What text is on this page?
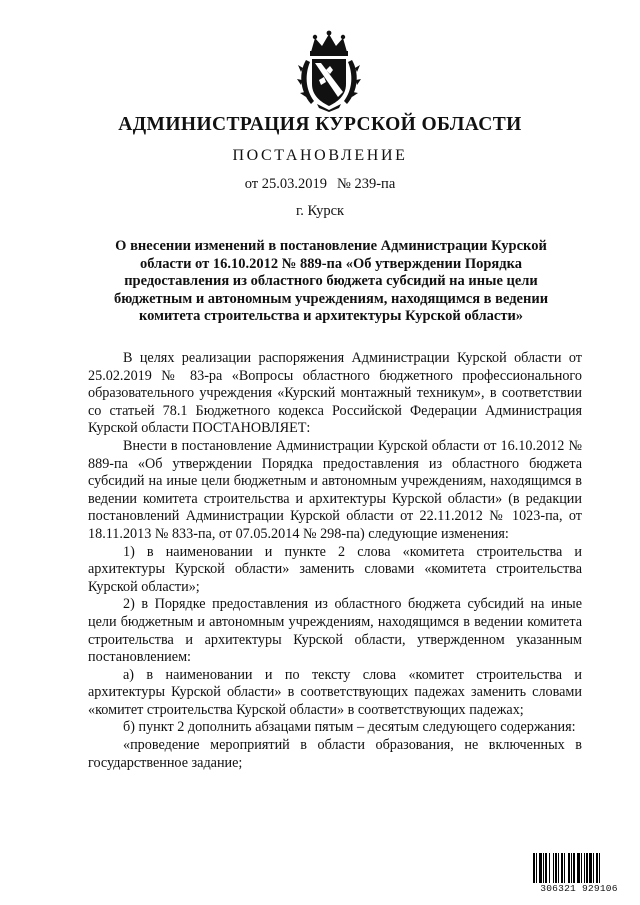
АДМИНИСТРАЦИЯ КУРСКОЙ ОБЛАСТИ
ПОСТАНОВЛЕНИЕ
от 25.03.2019 № 239-па
г. Курск
О внесении изменений в постановление Администрации Курской области от 16.10.2012 № 889-па «Об утверждении Порядка предоставления из областного бюджета субсидий на иные цели бюджетным и автономным учреждениям, находящимся в ведении комитета строительства и архитектуры Курской области»

В целях реализации распоряжения Администрации Курской области от 25.02.2019 № 83-ра «Вопросы областного бюджетного профессионального образовательного учреждения «Курский монтажный техникум», в соответствии со статьей 78.1 Бюджетного кодекса Российской Федерации Администрация Курской области ПОСТАНОВЛЯЕТ:

Внести в постановление Администрации Курской области от 16.10.2012 № 889-па «Об утверждении Порядка предоставления из областного бюджета субсидий на иные цели бюджетным и автономным учреждениям, находящимся в ведении комитета строительства и архитектуры Курской области» (в редакции постановлений Администрации Курской области от 22.11.2012 № 1023-па, от 18.11.2013 № 833-па, от 07.05.2014 № 298-па) следующие изменения:

1) в наименовании и пункте 2 слова «комитета строительства и архитектуры Курской области» заменить словами «комитета строительства Курской области»;

2) в Порядке предоставления из областного бюджета субсидий на иные цели бюджетным и автономным учреждениям, находящимся в ведении комитета строительства и архитектуры Курской области, утвержденном указанным постановлением:

а) в наименовании и по тексту слова «комитет строительства и архитектуры Курской области» в соответствующих падежах заменить словами «комитет строительства Курской области» в соответствующих падежах;

б) пункт 2 дополнить абзацами пятым – десятым следующего содержания:

«проведение мероприятий в области образования, не включенных в государственное задание;

306321 929106
